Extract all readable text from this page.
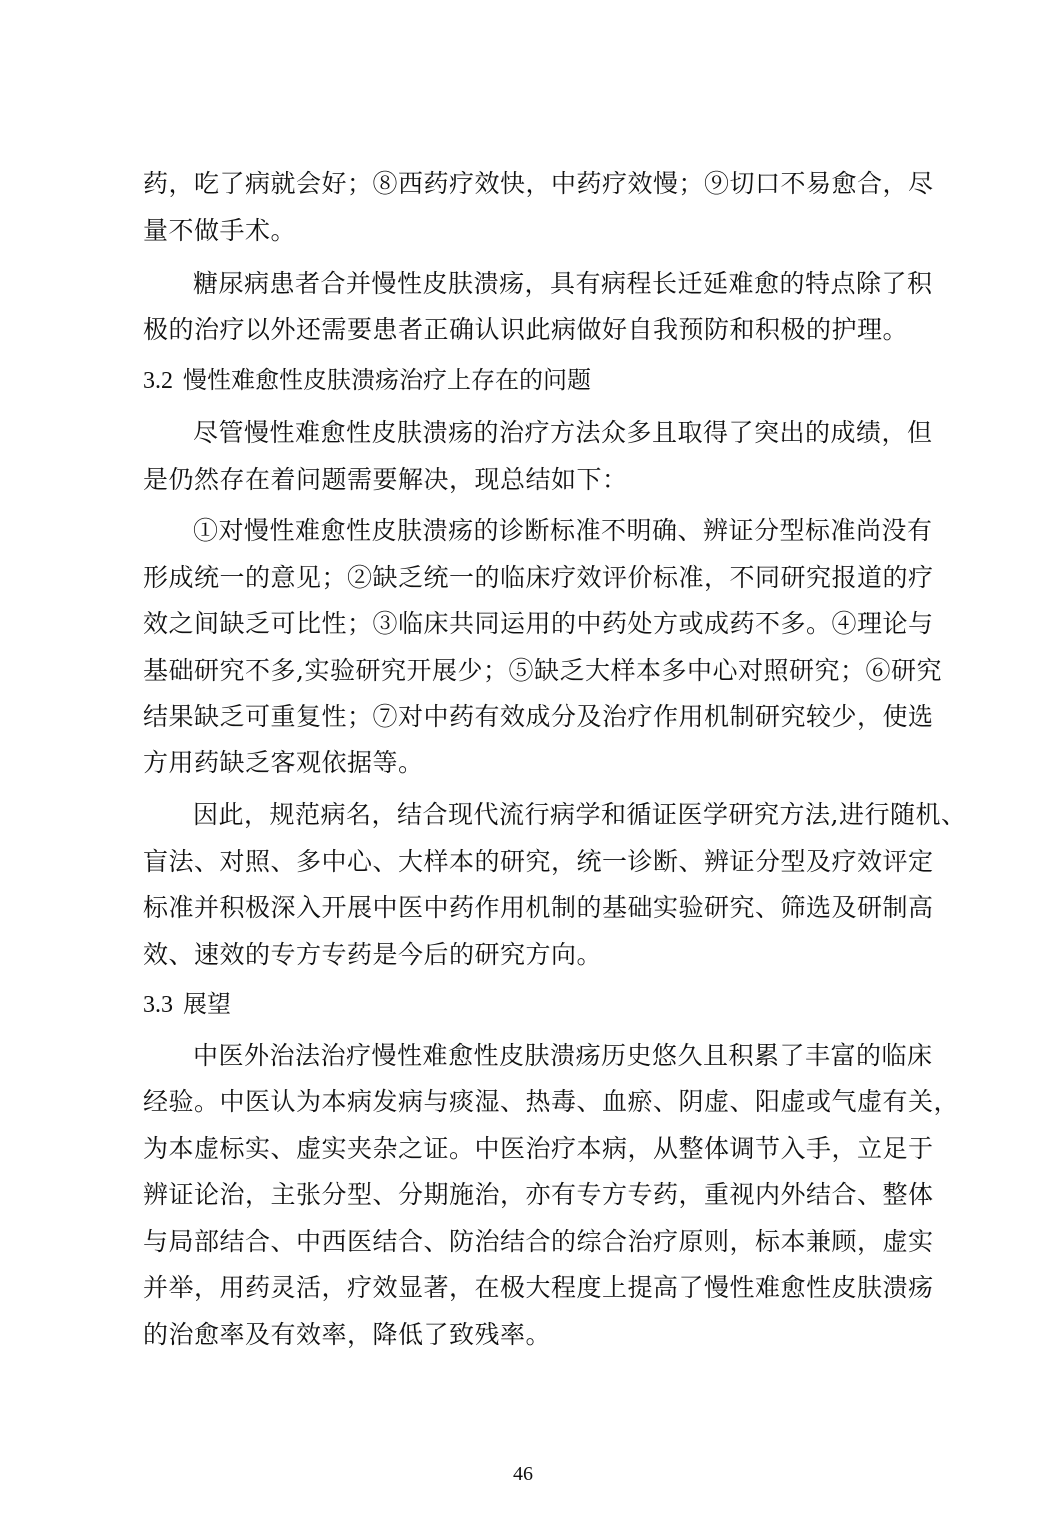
药，吃了病就会好；⑧西药疗效快，中药疗效慢；⑨切口不易愈合，尽
量不做手术。
糖尿病患者合并慢性皮肤溃疡，具有病程长迁延难愈的特点除了积
极的治疗以外还需要患者正确认识此病做好自我预防和积极的护理。
3.2 慢性难愈性皮肤溃疡治疗上存在的问题
尽管慢性难愈性皮肤溃疡的治疗方法众多且取得了突出的成绩，但
是仍然存在着问题需要解决，现总结如下：
①对慢性难愈性皮肤溃疡的诊断标准不明确、辨证分型标准尚没有
形成统一的意见；②缺乏统一的临床疗效评价标准，不同研究报道的疗
效之间缺乏可比性；③临床共同运用的中药处方或成药不多。④理论与
基础研究不多,实验研究开展少；⑤缺乏大样本多中心对照研究；⑥研究
结果缺乏可重复性；⑦对中药有效成分及治疗作用机制研究较少，使选
方用药缺乏客观依据等。
因此，规范病名，结合现代流行病学和循证医学研究方法,进行随机、
盲法、对照、多中心、大样本的研究，统一诊断、辨证分型及疗效评定
标准并积极深入开展中医中药作用机制的基础实验研究、筛选及研制高
效、速效的专方专药是今后的研究方向。
3.3 展望
中医外治法治疗慢性难愈性皮肤溃疡历史悠久且积累了丰富的临床
经验。中医认为本病发病与痰湿、热毒、血瘀、阴虚、阳虚或气虚有关，
为本虚标实、虚实夹杂之证。中医治疗本病，从整体调节入手，立足于
辨证论治，主张分型、分期施治，亦有专方专药，重视内外结合、整体
与局部结合、中西医结合、防治结合的综合治疗原则，标本兼顾，虚实
并举，用药灵活，疗效显著，在极大程度上提高了慢性难愈性皮肤溃疡
的治愈率及有效率，降低了致残率。
46
